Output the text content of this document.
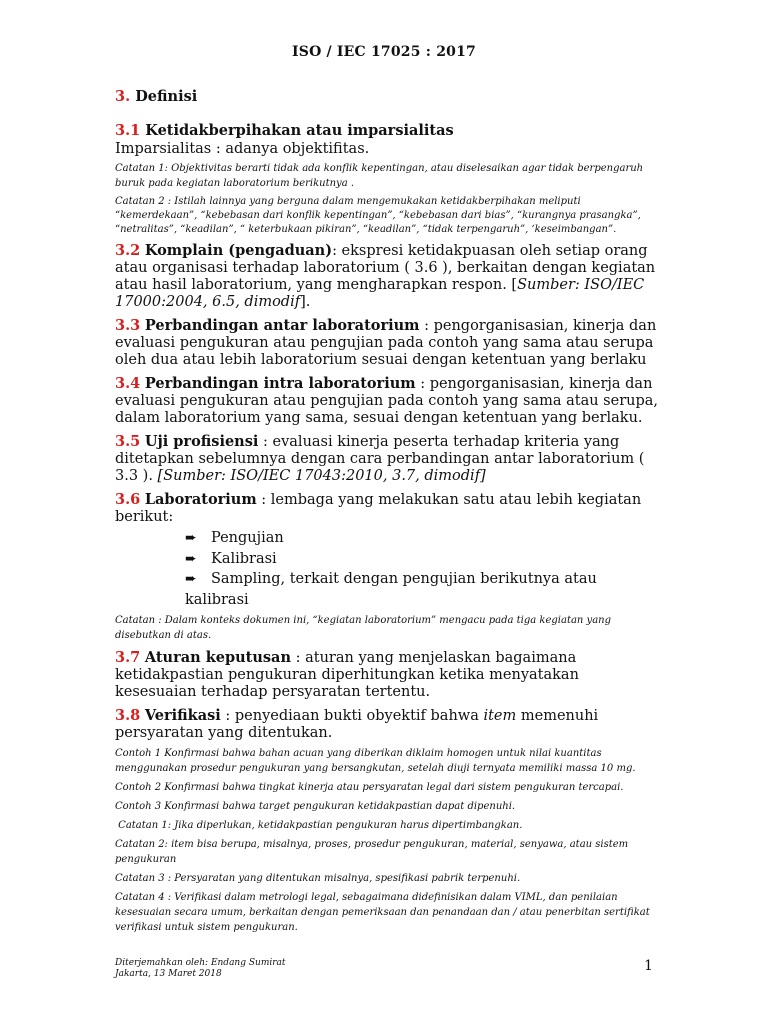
ISO / IEC 17025 : 2017

3. Definisi

3.1 Ketidakberpihakan atau imparsialitas

Imparsialitas : adanya objektifitas.

Catatan 1: Objektivitas berarti tidak ada konflik kepentingan, atau diselesaikan agar tidak berpengaruh buruk pada kegiatan laboratorium berikutnya .

Catatan 2 : Istilah lainnya yang berguna dalam mengemukakan ketidakberpihakan meliputi “kemerdekaan”, “kebebasan dari konflik kepentingan”, “kebebasan dari bias”, “kurangnya prasangka”, “netralitas”, “keadilan”, “ keterbukaan pikiran”, “keadilan”, “tidak terpengaruh”, ‘keseimbangan”.

3.2 Komplain (pengaduan): ekspresi ketidakpuasan oleh setiap orang atau organisasi terhadap laboratorium ( 3.6 ), berkaitan dengan kegiatan atau hasil laboratorium, yang mengharapkan respon. [Sumber: ISO/IEC 17000:2004, 6.5, dimodif].

3.3 Perbandingan antar laboratorium : pengorganisasian, kinerja dan evaluasi pengukuran atau pengujian pada contoh yang sama atau serupa oleh dua atau lebih laboratorium sesuai dengan ketentuan yang berlaku

3.4 Perbandingan intra laboratorium : pengorganisasian, kinerja dan evaluasi pengukuran atau pengujian pada contoh yang sama atau serupa, dalam laboratorium yang sama, sesuai dengan ketentuan yang berlaku.

3.5 Uji profisiensi : evaluasi kinerja peserta terhadap kriteria yang ditetapkan sebelumnya dengan cara perbandingan antar laboratorium ( 3.3 ). [Sumber: ISO/IEC 17043:2010, 3.7, dimodif]

3.6 Laboratorium : lembaga yang melakukan satu atau lebih kegiatan berikut:

➨ Pengujian
➨ Kalibrasi
➨ Sampling, terkait dengan pengujian berikutnya atau kalibrasi

Catatan : Dalam konteks dokumen ini, “kegiatan laboratorium” mengacu pada tiga kegiatan yang disebutkan di atas.

3.7 Aturan keputusan : aturan yang menjelaskan bagaimana ketidakpastian pengukuran diperhitungkan ketika menyatakan kesesuaian terhadap persyaratan tertentu.

3.8 Verifikasi : penyediaan bukti obyektif bahwa item memenuhi persyaratan yang ditentukan.

Contoh 1 Konfirmasi bahwa bahan acuan yang diberikan diklaim homogen untuk nilai kuantitas menggunakan prosedur pengukuran yang bersangkutan, setelah diuji ternyata memiliki massa 10 mg.

Contoh 2 Konfirmasi bahwa tingkat kinerja atau persyaratan legal dari sistem pengukuran tercapai.

Contoh 3 Konfirmasi bahwa target pengukuran ketidakpastian dapat dipenuhi.

Catatan 1: Jika diperlukan, ketidakpastian pengukuran harus dipertimbangkan.

Catatan 2: item bisa berupa, misalnya, proses, prosedur pengukuran, material, senyawa, atau sistem pengukuran

Catatan 3 : Persyaratan yang ditentukan misalnya, spesifikasi pabrik terpenuhi.

Catatan 4 : Verifikasi dalam metrologi legal, sebagaimana didefinisikan dalam VIML, dan penilaian kesesuaian secara umum, berkaitan dengan pemeriksaan dan penandaan dan / atau penerbitan sertifikat verifikasi untuk sistem pengukuran.

Diterjemahkan oleh: Endang Sumirat
Jakarta, 13 Maret 2018	1
